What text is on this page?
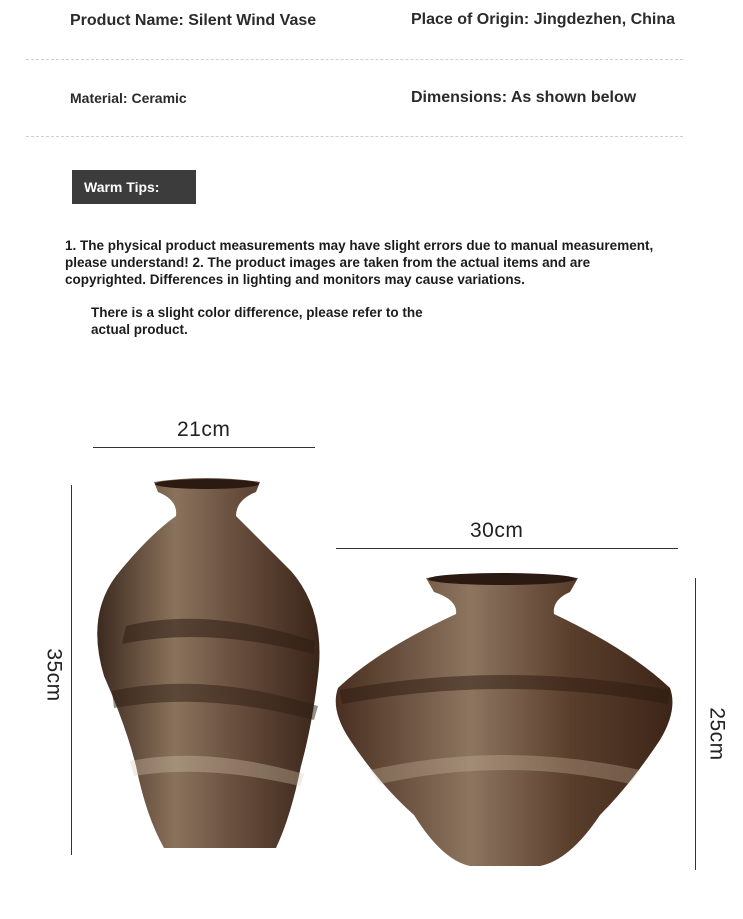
Product Name: Silent Wind Vase	Place of Origin: Jingdezhen, China
Material: Ceramic	Dimensions: As shown below
Warm Tips:
1. The physical product measurements may have slight errors due to manual measurement, please understand! 2. The product images are taken from the actual items and are copyrighted. Differences in lighting and monitors may cause variations.
There is a slight color difference, please refer to the actual product.
21cm
35cm
30cm
25cm
